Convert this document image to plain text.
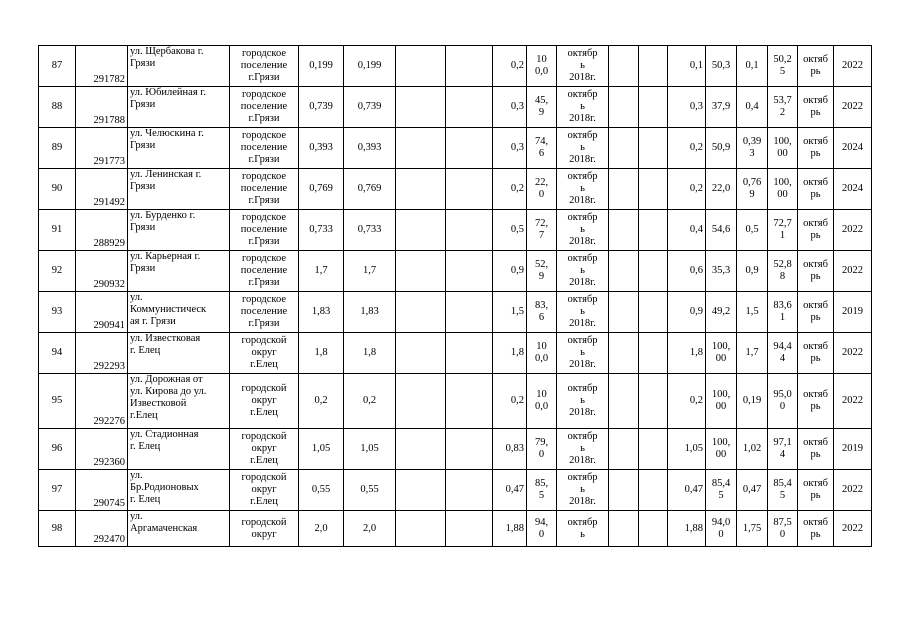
87	291782	ул. Щербакова г.
Грязи	городское
поселение
г.Грязи	0,199	0,199			0,2	10
0,0	октябр
ь
2018г.			0,1	50,3	0,1	50,2
5	октяб
рь	2022
88	291788	ул. Юбилейная г.
Грязи	городское
поселение
г.Грязи	0,739	0,739			0,3	45,
9	октябр
ь
2018г.			0,3	37,9	0,4	53,7
2	октяб
рь	2022
89	291773	ул. Челюскина г.
Грязи	городское
поселение
г.Грязи	0,393	0,393			0,3	74,
6	октябр
ь
2018г.			0,2	50,9	0,39
3	100,
00	октяб
рь	2024
90	291492	ул. Ленинская г.
Грязи	городское
поселение
г.Грязи	0,769	0,769			0,2	22,
0	октябр
ь
2018г.			0,2	22,0	0,76
9	100,
00	октяб
рь	2024
91	288929	ул. Бурденко г.
Грязи	городское
поселение
г.Грязи	0,733	0,733			0,5	72,
7	октябр
ь
2018г.			0,4	54,6	0,5	72,7
1	октяб
рь	2022
92	290932	ул. Карьерная г.
Грязи	городское
поселение
г.Грязи	1,7	1,7			0,9	52,
9	октябр
ь
2018г.			0,6	35,3	0,9	52,8
8	октяб
рь	2022
93	290941	ул.
Коммунистическ
ая г. Грязи	городское
поселение
г.Грязи	1,83	1,83			1,5	83,
6	октябр
ь
2018г.			0,9	49,2	1,5	83,6
1	октяб
рь	2019
94	292293	ул. Известковая
г. Елец	городской
округ
г.Елец	1,8	1,8			1,8	10
0,0	октябр
ь
2018г.			1,8	100,
00	1,7	94,4
4	октяб
рь	2022
95	292276	ул. Дорожная от
ул. Кирова до ул.
Известковой
г.Елец	городской
округ
г.Елец	0,2	0,2			0,2	10
0,0	октябр
ь
2018г.			0,2	100,
00	0,19	95,0
0	октяб
рь	2022
96	292360	ул. Стадионная
г. Елец	городской
округ
г.Елец	1,05	1,05			0,83	79,
0	октябр
ь
2018г.			1,05	100,
00	1,02	97,1
4	октяб
рь	2019
97	290745	ул.
Бр.Родионовых
г. Елец	городской
округ
г.Елец	0,55	0,55			0,47	85,
5	октябр
ь
2018г.			0,47	85,4
5	0,47	85,4
5	октяб
рь	2022
98	292470	ул.
Аргамаченская	городской
округ	2,0	2,0			1,88	94,
0	октябр
ь			1,88	94,0
0	1,75	87,5
0	октяб
рь	2022
